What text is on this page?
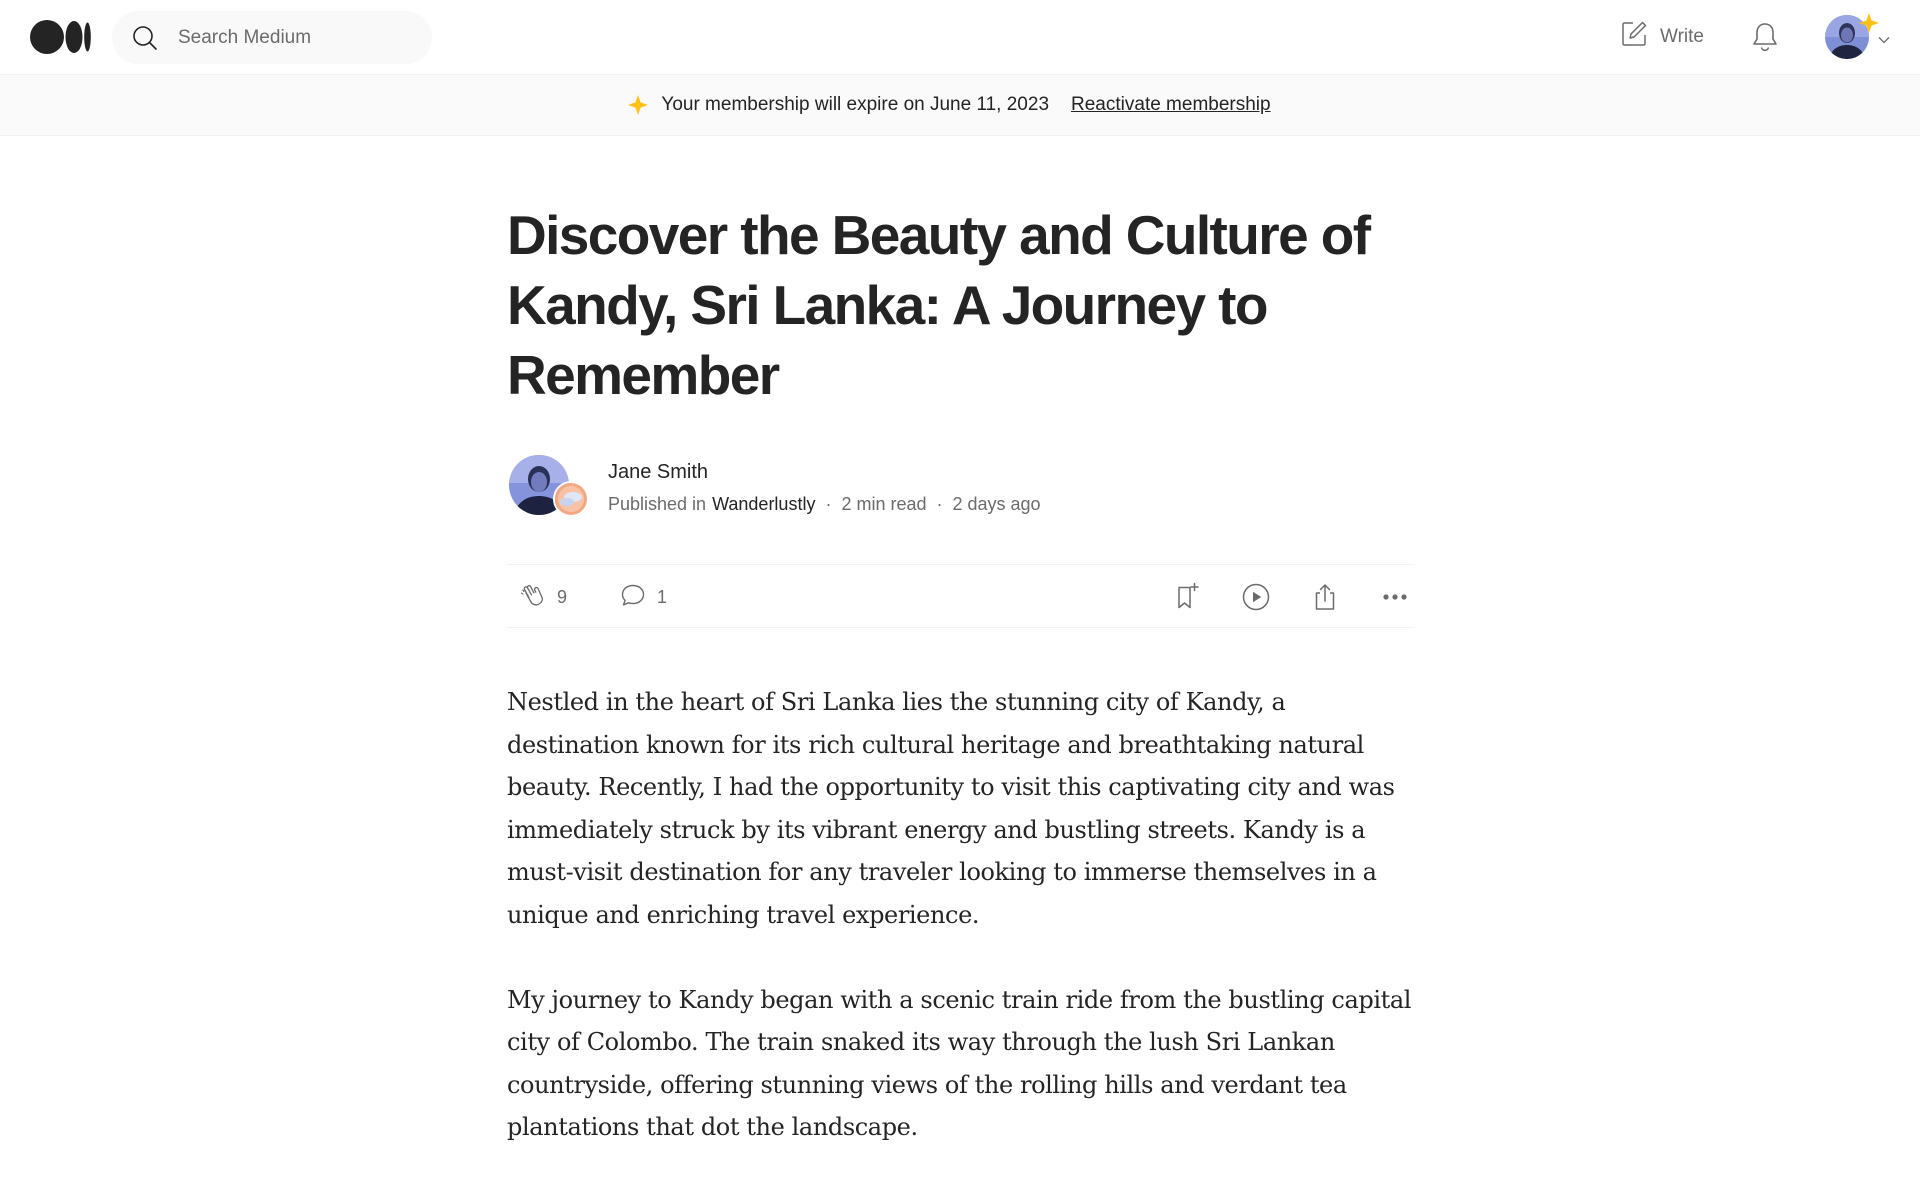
Search Medium
Write
Your membership will expire on June 11, 2023 Reactivate membership
Discover the Beauty and Culture of Kandy, Sri Lanka: A Journey to Remember
Jane Smith
Published in Wanderlustly · 2 min read · 2 days ago
9	1

Nestled in the heart of Sri Lanka lies the stunning city of Kandy, a destination known for its rich cultural heritage and breathtaking natural beauty. Recently, I had the opportunity to visit this captivating city and was immediately struck by its vibrant energy and bustling streets. Kandy is a must-visit destination for any traveler looking to immerse themselves in a unique and enriching travel experience.

My journey to Kandy began with a scenic train ride from the bustling capital city of Colombo. The train snaked its way through the lush Sri Lankan countryside, offering stunning views of the rolling hills and verdant tea plantations that dot the landscape.
